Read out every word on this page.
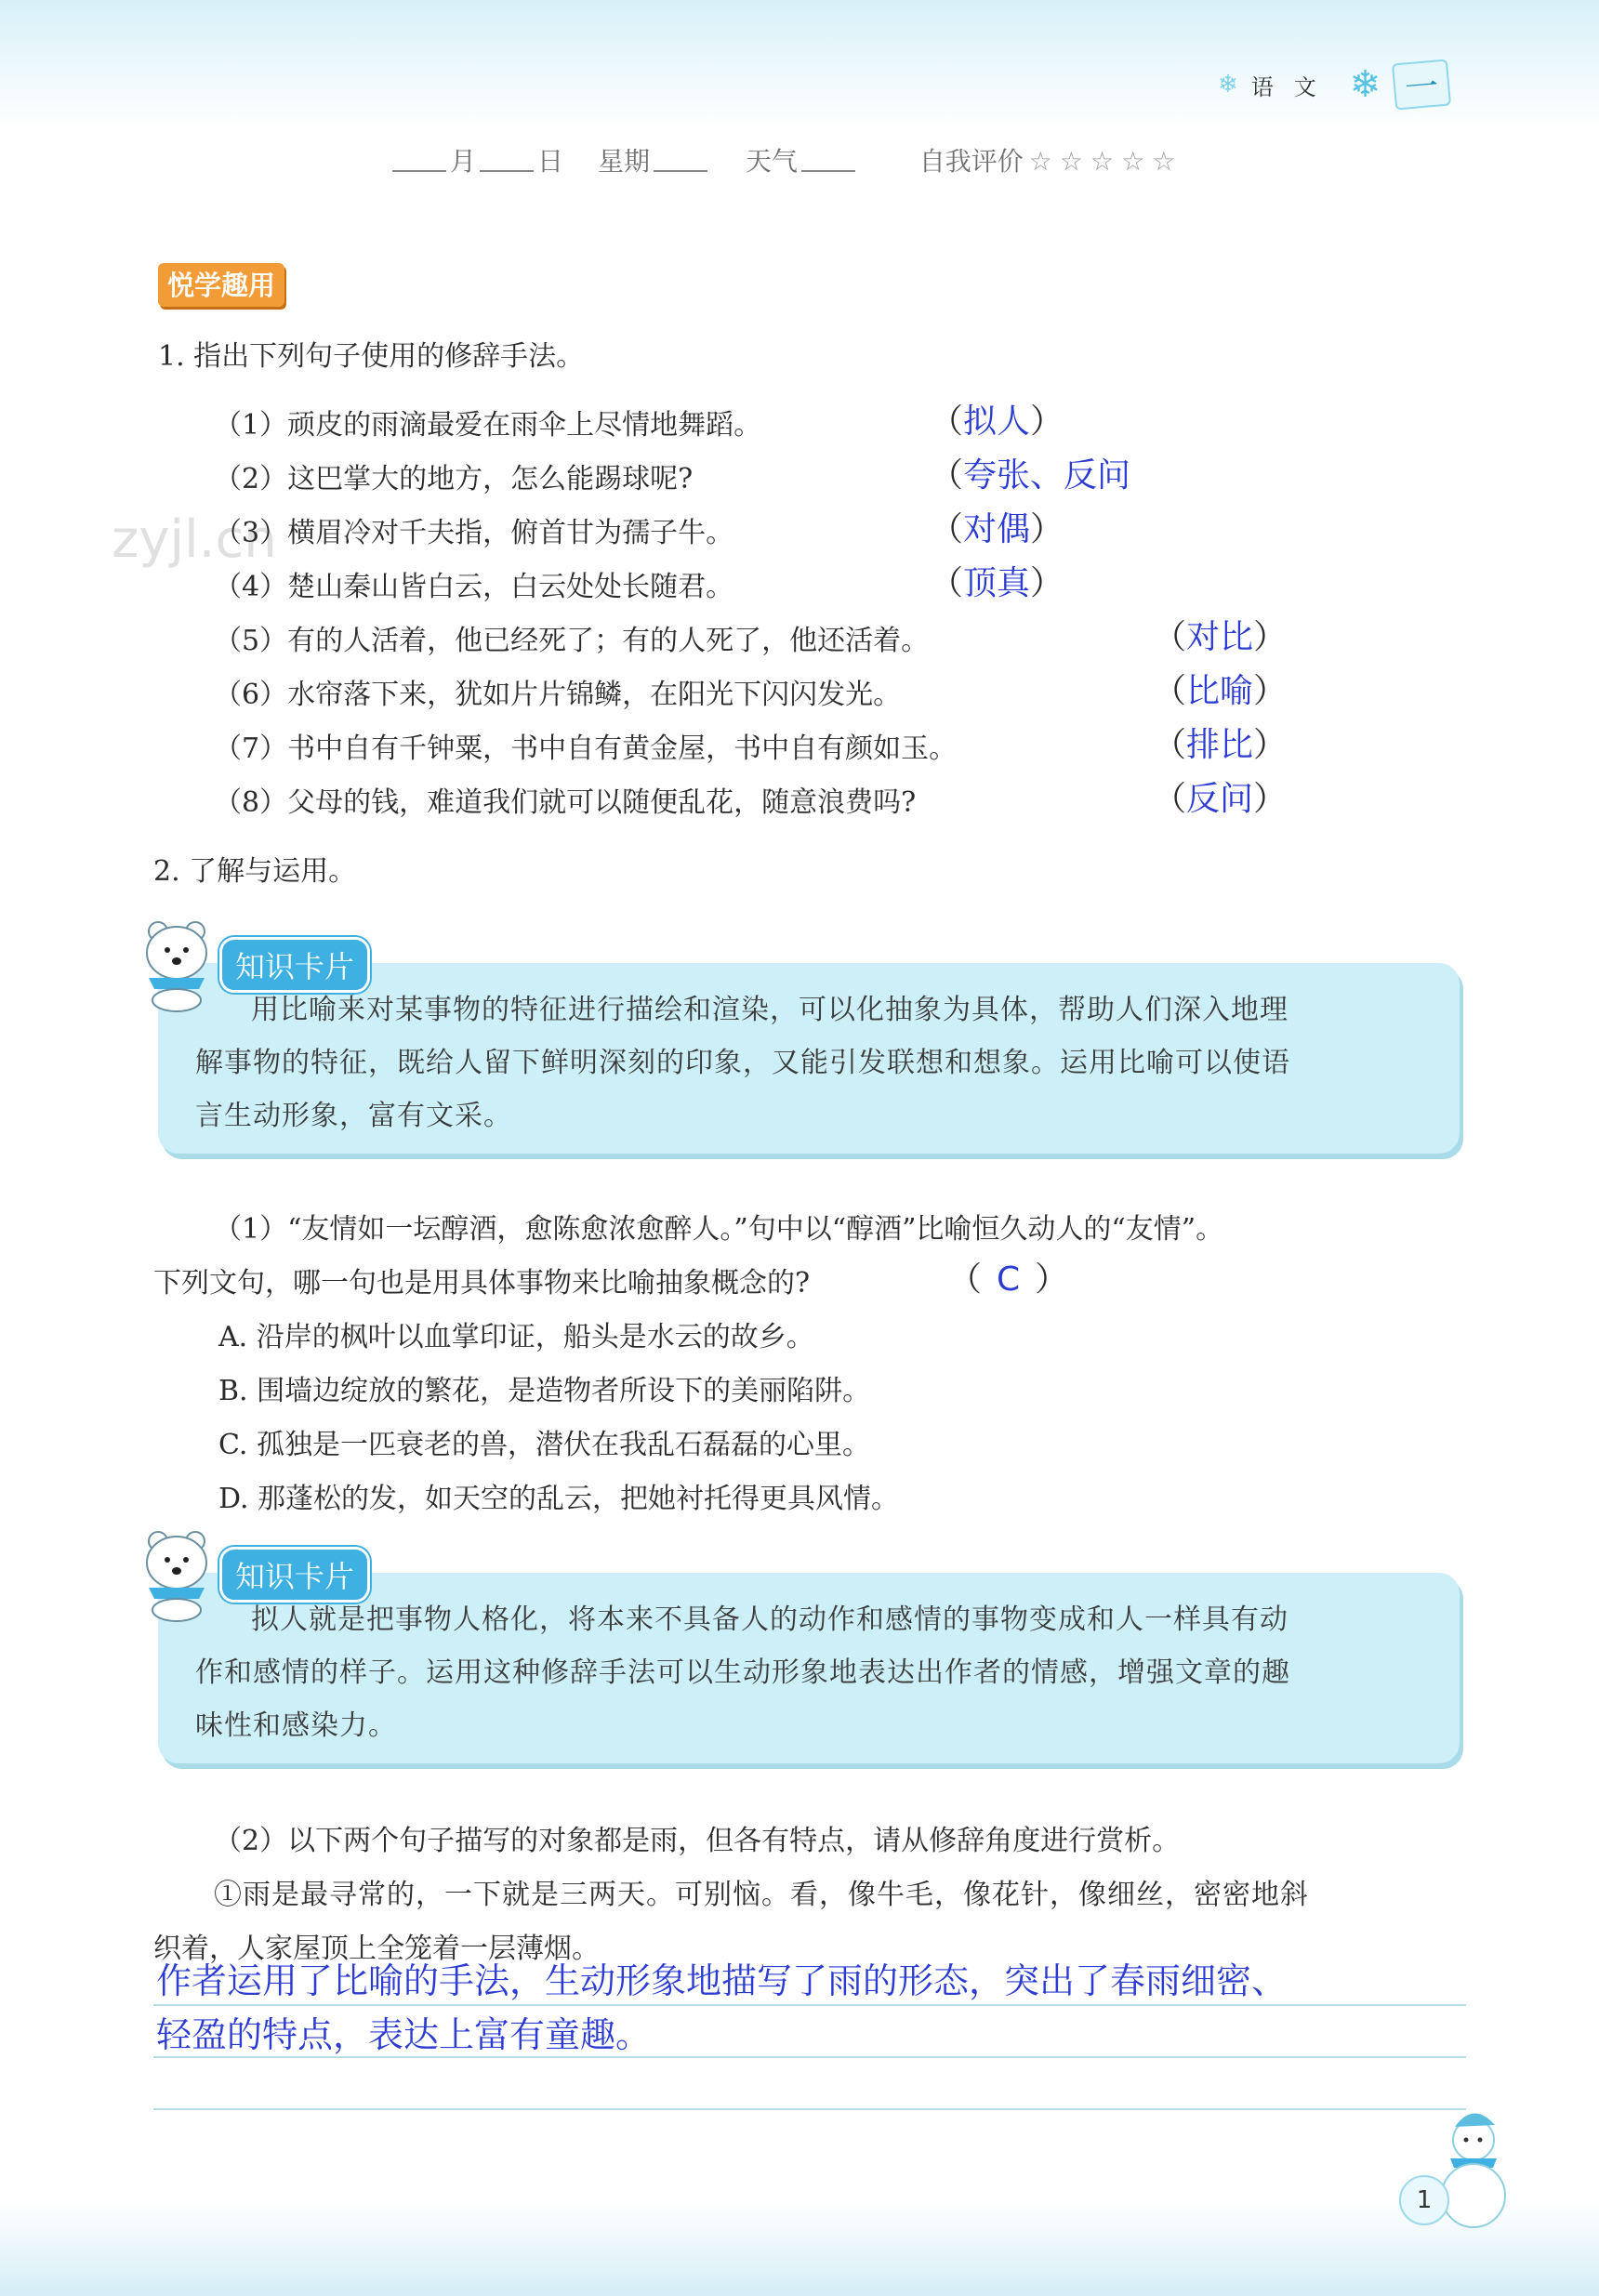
❄ 语文 ❄ 一
月 日 星期	天气	自我评价 ☆☆☆☆☆
zyjl.cn
悦学趣用
1. 指出下列句子使用的修辞手法。
（1）顽皮的雨滴最爱在雨伞上尽情地舞蹈。	（拟人）
（2）这巴掌大的地方，怎么能踢球呢?	（夸张、反问
（3）横眉冷对千夫指，俯首甘为孺子牛。	（对偶）
（4）楚山秦山皆白云，白云处处长随君。	（顶真）
（5）有的人活着，他已经死了；有的人死了，他还活着。	（对比）
（6）水帘落下来，犹如片片锦鳞，在阳光下闪闪发光。	（比喻）
（7）书中自有千钟粟，书中自有黄金屋，书中自有颜如玉。	（排比）
（8）父母的钱，难道我们就可以随便乱花，随意浪费吗?	（反问）
2. 了解与运用。
用比喻来对某事物的特征进行描绘和渲染，可以化抽象为具体，帮助人们深入地理
解事物的特征，既给人留下鲜明深刻的印象，又能引发联想和想象。运用比喻可以使语
言生动形象，富有文采。
知识卡片
（1）“友情如一坛醇酒，愈陈愈浓愈醉人。”句中以“醇酒”比喻恒久动人的“友情”。
下列文句，哪一句也是用具体事物来比喻抽象概念的?	（ C ）
A. 沿岸的枫叶以血掌印证，船头是水云的故乡。
B. 围墙边绽放的繁花，是造物者所设下的美丽陷阱。
C. 孤独是一匹衰老的兽，潜伏在我乱石磊磊的心里。
D. 那蓬松的发，如天空的乱云，把她衬托得更具风情。
拟人就是把事物人格化，将本来不具备人的动作和感情的事物变成和人一样具有动
作和感情的样子。运用这种修辞手法可以生动形象地表达出作者的情感，增强文章的趣
味性和感染力。
知识卡片
（2）以下两个句子描写的对象都是雨，但各有特点，请从修辞角度进行赏析。
①雨是最寻常的，一下就是三两天。可别恼。看，像牛毛，像花针，像细丝，密密地斜
织着，人家屋顶上全笼着一层薄烟。
作者运用了比喻的手法，生动形象地描写了雨的形态，突出了春雨细密、
轻盈的特点，表达上富有童趣。
1
